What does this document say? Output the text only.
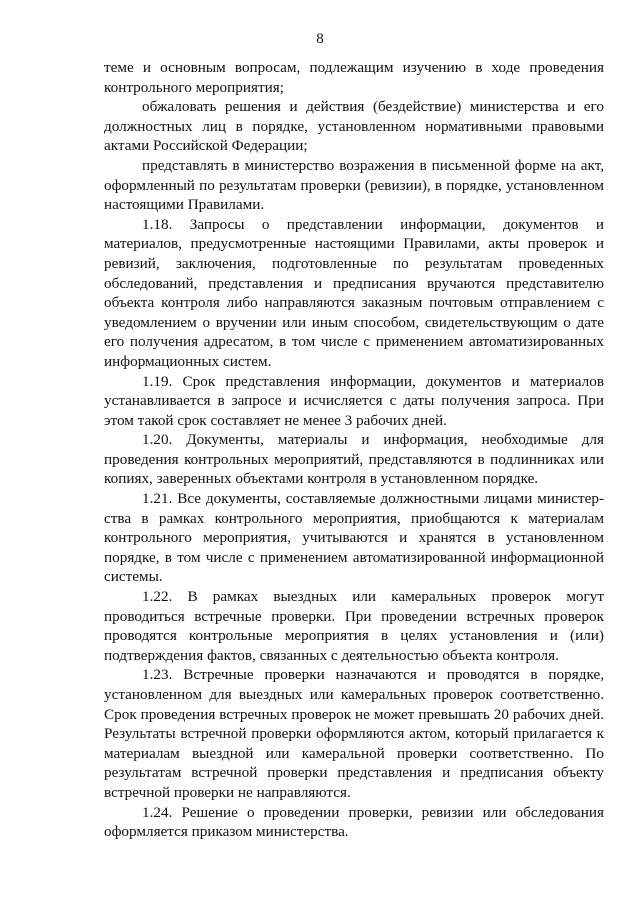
8

теме и основным вопросам, подлежащим изучению в ходе проведения контрольного мероприятия;

обжаловать решения и действия (бездействие) министерства и его должностных лиц в порядке, установленном нормативными правовыми актами Российской Федерации;

представлять в министерство возражения в письменной форме на акт, оформленный по результатам проверки (ревизии), в порядке, установленном настоящими Правилами.

1.18. Запросы о представлении информации, документов и материалов, предусмотренные настоящими Правилами, акты проверок и ревизий, заключения, подготовленные по результатам проведенных обследований, представления и предписания вручаются представителю объекта контроля либо направляются заказным почтовым отправлением с уведомлением о вручении или иным способом, свидетельствующим о дате его получения адресатом, в том числе с применением автоматизированных информационных систем.

1.19. Срок представления информации, документов и материалов устанавливается в запросе и исчисляется с даты получения запроса. При этом такой срок составляет не менее 3 рабочих дней.

1.20. Документы, материалы и информация, необходимые для проведения контрольных мероприятий, представляются в подлинниках или копиях, заверенных объектами контроля в установленном порядке.

1.21. Все документы, составляемые должностными лицами министерства в рамках контрольного мероприятия, приобщаются к материалам контрольного мероприятия, учитываются и хранятся в установленном порядке, в том числе с применением автоматизированной информационной системы.

1.22. В рамках выездных или камеральных проверок могут проводиться встречные проверки. При проведении встречных проверок проводятся контрольные мероприятия в целях установления и (или) подтверждения фактов, связанных с деятельностью объекта контроля.

1.23. Встречные проверки назначаются и проводятся в порядке, установленном для выездных или камеральных проверок соответственно. Срок проведения встречных проверок не может превышать 20 рабочих дней. Результаты встречной проверки оформляются актом, который прилагается к материалам выездной или камеральной проверки соответственно. По результатам встречной проверки представления и предписания объекту встречной проверки не направляются.

1.24. Решение о проведении проверки, ревизии или обследования оформляется приказом министерства.
